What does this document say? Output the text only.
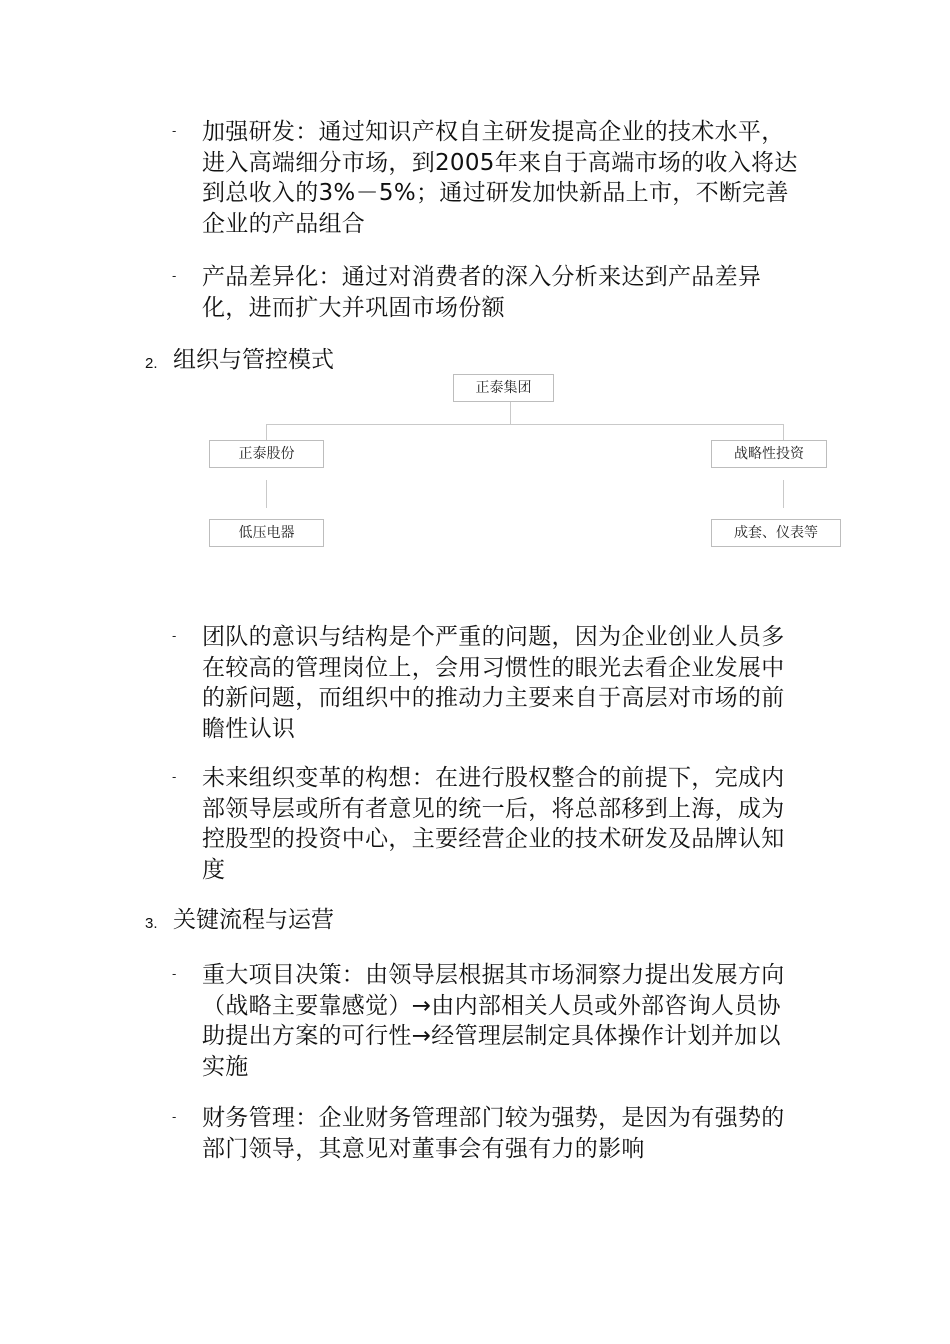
- 加强研发：通过知识产权自主研发提高企业的技术水平，进入高端细分市场，到2005年来自于高端市场的收入将达到总收入的3%－5%；通过研发加快新品上市，不断完善企业的产品组合
- 产品差异化：通过对消费者的深入分析来达到产品差异化，进而扩大并巩固市场份额
2. 组织与管控模式
正泰集团
正泰股份	战略性投资
低压电器	成套、仪表等
- 团队的意识与结构是个严重的问题，因为企业创业人员多在较高的管理岗位上，会用习惯性的眼光去看企业发展中的新问题，而组织中的推动力主要来自于高层对市场的前瞻性认识
- 未来组织变革的构想：在进行股权整合的前提下，完成内部领导层或所有者意见的统一后，将总部移到上海，成为控股型的投资中心，主要经营企业的技术研发及品牌认知度
3. 关键流程与运营
- 重大项目决策：由领导层根据其市场洞察力提出发展方向（战略主要靠感觉）→由内部相关人员或外部咨询人员协助提出方案的可行性→经管理层制定具体操作计划并加以实施
- 财务管理：企业财务管理部门较为强势，是因为有强势的部门领导，其意见对董事会有强有力的影响
